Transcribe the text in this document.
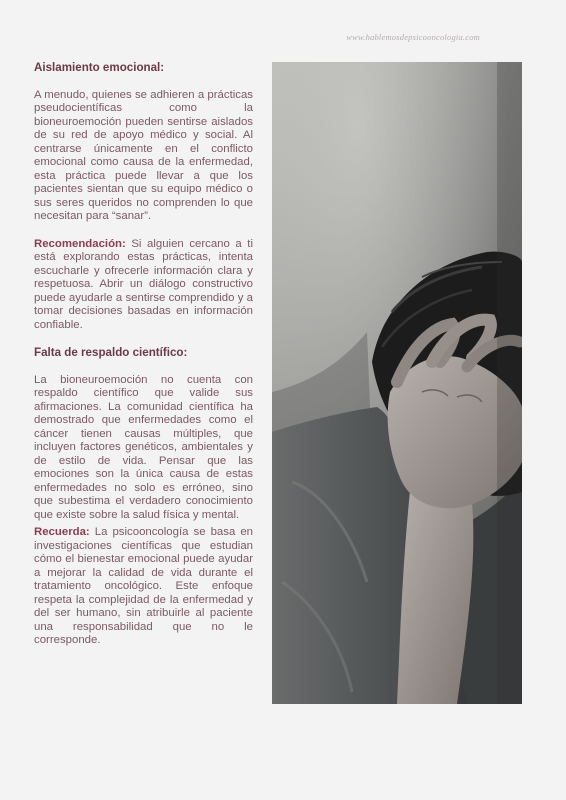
www.hablemosdepsicooncologia.com
Aislamiento emocional:

A menudo, quienes se adhieren a prácticas pseudocientíficas como la bioneuroemoción pueden sentirse aislados de su red de apoyo médico y social. Al centrarse únicamente en el conflicto emocional como causa de la enfermedad, esta práctica puede llevar a que los pacientes sientan que su equipo médico o sus seres queridos no comprenden lo que necesitan para “sanar”.

Recomendación: Si alguien cercano a ti está explorando estas prácticas, intenta escucharle y ofrecerle información clara y respetuosa. Abrir un diálogo constructivo puede ayudarle a sentirse comprendido y a tomar decisiones basadas en información confiable.

Falta de respaldo científico:

La bioneuroemoción no cuenta con respaldo científico que valide sus afirmaciones. La comunidad científica ha demostrado que enfermedades como el cáncer tienen causas múltiples, que incluyen factores genéticos, ambientales y de estilo de vida. Pensar que las emociones son la única causa de estas enfermedades no solo es erróneo, sino que subestima el verdadero conocimiento que existe sobre la salud física y mental.

Recuerda: La psicooncología se basa en investigaciones científicas que estudian cómo el bienestar emocional puede ayudar a mejorar la calidad de vida durante el tratamiento oncológico. Este enfoque respeta la complejidad de la enfermedad y del ser humano, sin atribuirle al paciente una responsabilidad que no le corresponde.
